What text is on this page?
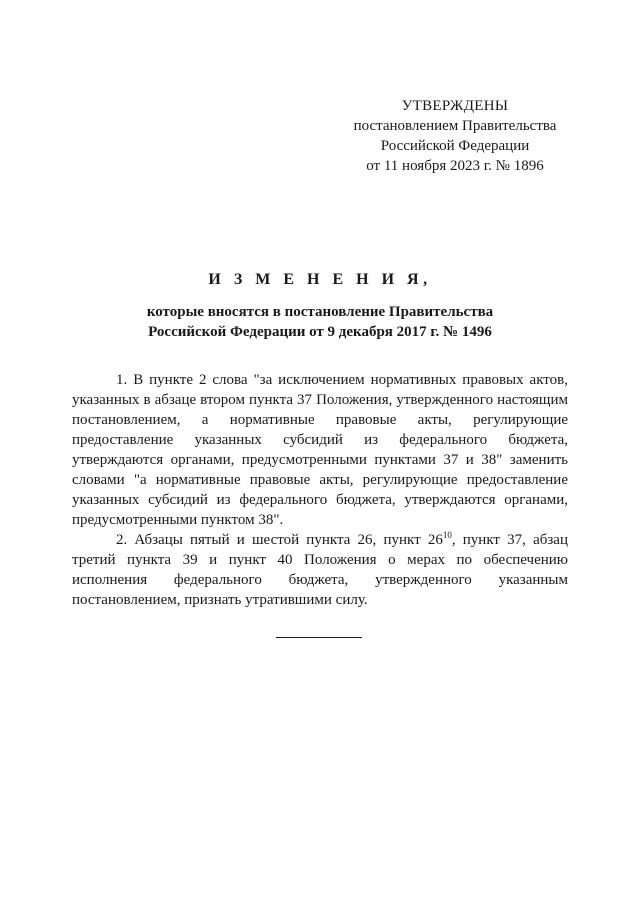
УТВЕРЖДЕНЫ
постановлением Правительства
Российской Федерации
от 11 ноября 2023 г. № 1896
И З М Е Н Е Н И Я,
которые вносятся в постановление Правительства
Российской Федерации от 9 декабря 2017 г. № 1496

1. В пункте 2 слова "за исключением нормативных правовых актов, указанных в абзаце втором пункта 37 Положения, утвержденного настоящим постановлением, а нормативные правовые акты, регулирующие предоставление указанных субсидий из федерального бюджета, утверждаются органами, предусмотренными пунктами 37 и 38" заменить словами "а нормативные правовые акты, регулирующие предоставление указанных субсидий из федерального бюджета, утверждаются органами, предусмотренными пунктом 38".

2. Абзацы пятый и шестой пункта 26, пункт $26^{10}$, пункт 37, абзац третий пункта 39 и пункт 40 Положения о мерах по обеспечению исполнения федерального бюджета, утвержденного указанным постановлением, признать утратившими силу.
